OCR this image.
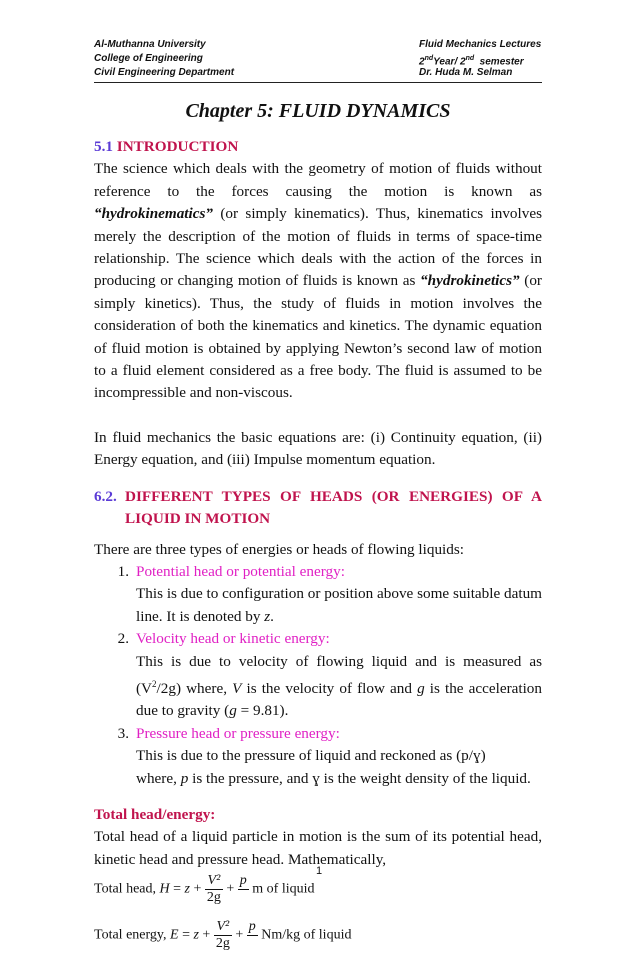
Al-Muthanna University
College of Engineering
Civil Engineering Department
Fluid Mechanics Lectures
2ndYear/ 2nd  semester
Dr. Huda M. Selman
Chapter 5: FLUID DYNAMICS
5.1 INTRODUCTION

The science which deals with the geometry of motion of fluids without reference to the forces causing the motion is known as “hydrokinematics” (or simply kinematics). Thus, kinematics involves merely the description of the motion of fluids in terms of space-time relationship. The science which deals with the action of the forces in producing or changing motion of fluids is known as “hydrokinetics” (or simply kinetics). Thus, the study of fluids in motion involves the consideration of both the kinematics and kinetics. The dynamic equation of fluid motion is obtained by applying Newton’s second law of motion to a fluid element considered as a free body. The fluid is assumed to be incompressible and non-viscous.

In fluid mechanics the basic equations are: (i) Continuity equation, (ii) Energy equation, and (iii) Impulse momentum equation.

6.2. DIFFERENT TYPES OF HEADS (OR ENERGIES) OF A
LIQUID IN MOTION

There are three types of energies or heads of flowing liquids:

1. Potential head or potential energy:

This is due to configuration or position above some suitable datum line. It is denoted by z.

2. Velocity head or kinetic energy:

This is due to velocity of flowing liquid and is measured as $(V^2/2g)$ where, V is the velocity of flow and g is the acceleration due to gravity (g = 9.81).

3. Pressure head or pressure energy:
This is due to the pressure of liquid and reckoned as (p/ɣ)
where, p is the pressure, and ɣ is the weight density of the liquid.
Total head/energy:

Total head of a liquid particle in motion is the sum of its potential head, kinetic head and pressure head. Mathematically,

Total head, $H = z + \frac{\text{V²}}{2g}$ +
p

m of liquid
Total energy, $E = z + \frac{\text{V²}}{2g}$ +
p

Nm/kg of liquid
1
